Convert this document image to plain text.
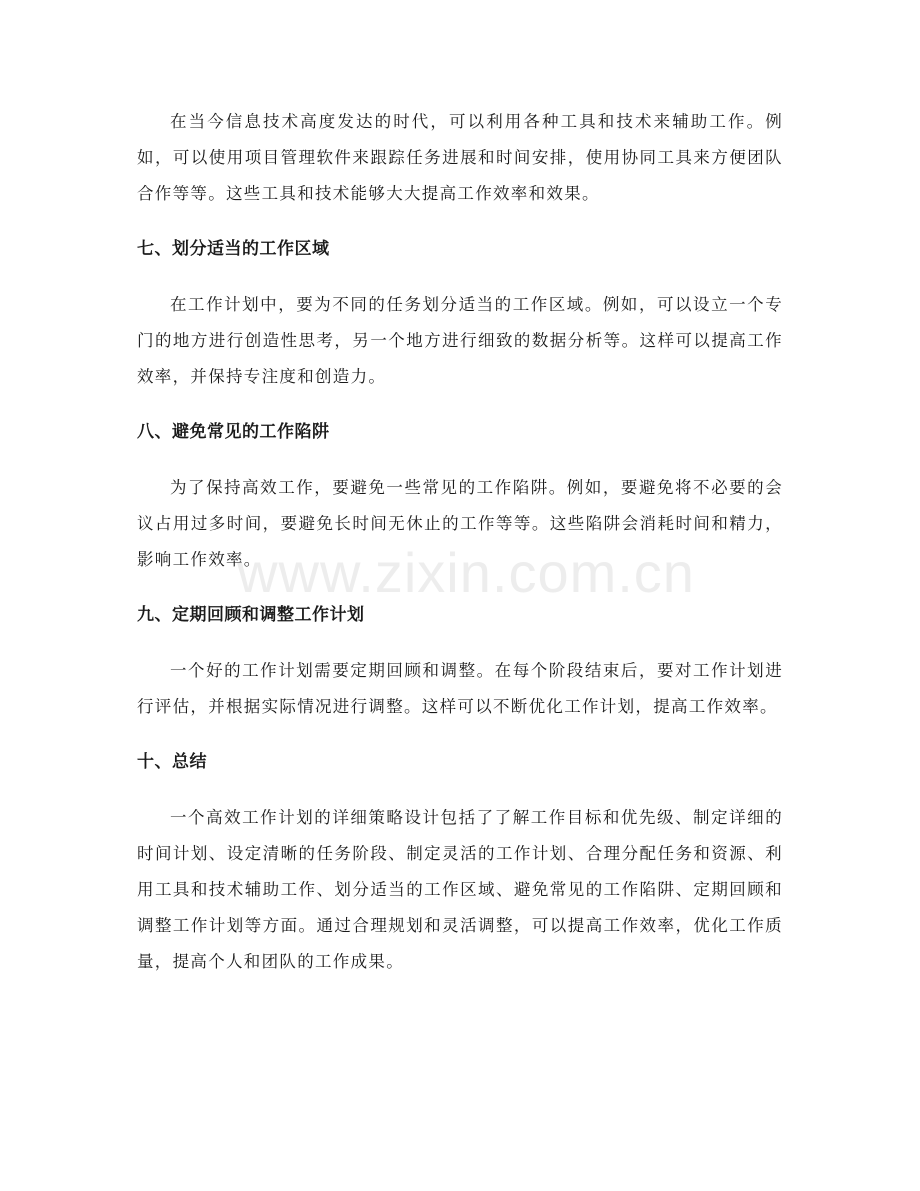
在当今信息技术高度发达的时代，可以利用各种工具和技术来辅助工作。例如，可以使用项目管理软件来跟踪任务进展和时间安排，使用协同工具来方便团队合作等等。这些工具和技术能够大大提高工作效率和效果。

七、划分适当的工作区域

在工作计划中，要为不同的任务划分适当的工作区域。例如，可以设立一个专门的地方进行创造性思考，另一个地方进行细致的数据分析等。这样可以提高工作效率，并保持专注度和创造力。

八、避免常见的工作陷阱

为了保持高效工作，要避免一些常见的工作陷阱。例如，要避免将不必要的会议占用过多时间，要避免长时间无休止的工作等等。这些陷阱会消耗时间和精力，影响工作效率。

九、定期回顾和调整工作计划

一个好的工作计划需要定期回顾和调整。在每个阶段结束后，要对工作计划进行评估，并根据实际情况进行调整。这样可以不断优化工作计划，提高工作效率。

十、总结

一个高效工作计划的详细策略设计包括了了解工作目标和优先级、制定详细的时间计划、设定清晰的任务阶段、制定灵活的工作计划、合理分配任务和资源、利用工具和技术辅助工作、划分适当的工作区域、避免常见的工作陷阱、定期回顾和调整工作计划等方面。通过合理规划和灵活调整，可以提高工作效率，优化工作质量，提高个人和团队的工作成果。

www.zixin.com.cn
